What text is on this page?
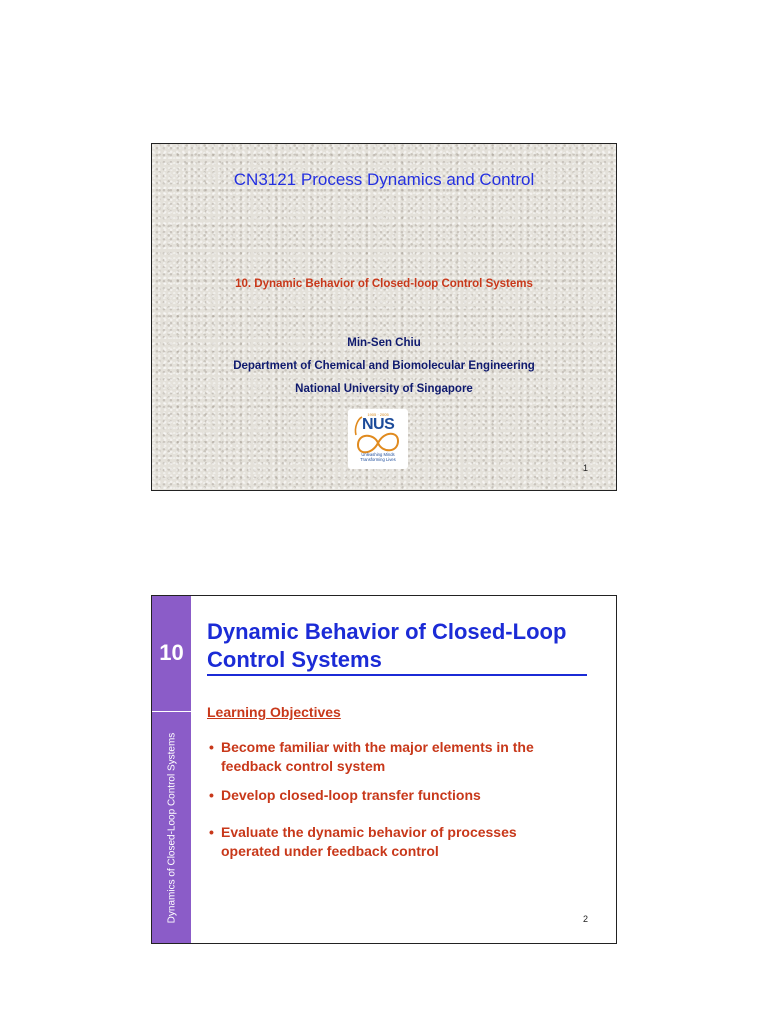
CN3121 Process Dynamics and Control
10. Dynamic Behavior of Closed-loop Control Systems
Min-Sen Chiu
Department of Chemical and Biomolecular Engineering
National University of Singapore
1905 · 2005
NUS
Unleashing Minds
Transforming Lives
1
10
Dynamics of Closed-Loop Control Systems
Dynamic Behavior of Closed-Loop
Control Systems
Learning Objectives
• Become familiar with the major elements in the
feedback control system
• Develop closed-loop transfer functions
• Evaluate the dynamic behavior of processes
operated under feedback control
2
